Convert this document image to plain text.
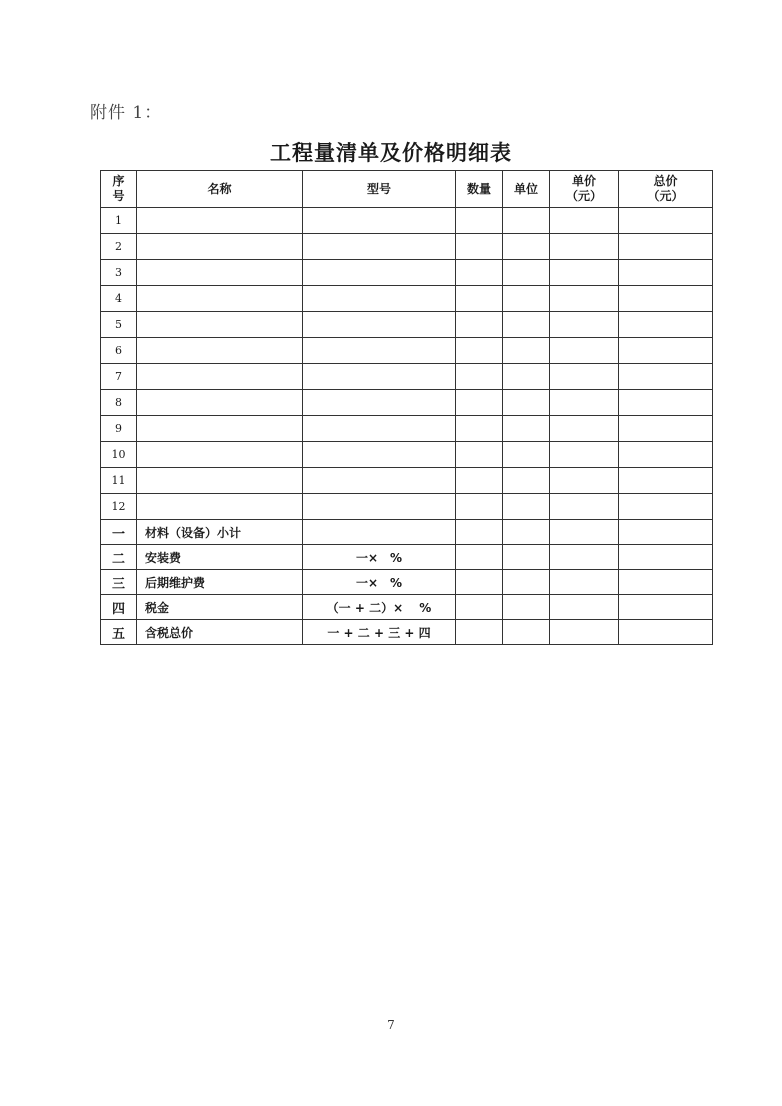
附件 1：
工程量清单及价格明细表
序号	名称	型号	数量	单位	单价（元）	总价（元）
1						
2						
3						
4						
5						
6						
7						
8						
9						
10						
11						
12						
一	材料（设备）小计					
二	安装费	一×　%				
三	后期维护费	一×　%				
四	税金	（一 + 二）×　 %				
五	含税总价	一 + 二 + 三 + 四				
7
